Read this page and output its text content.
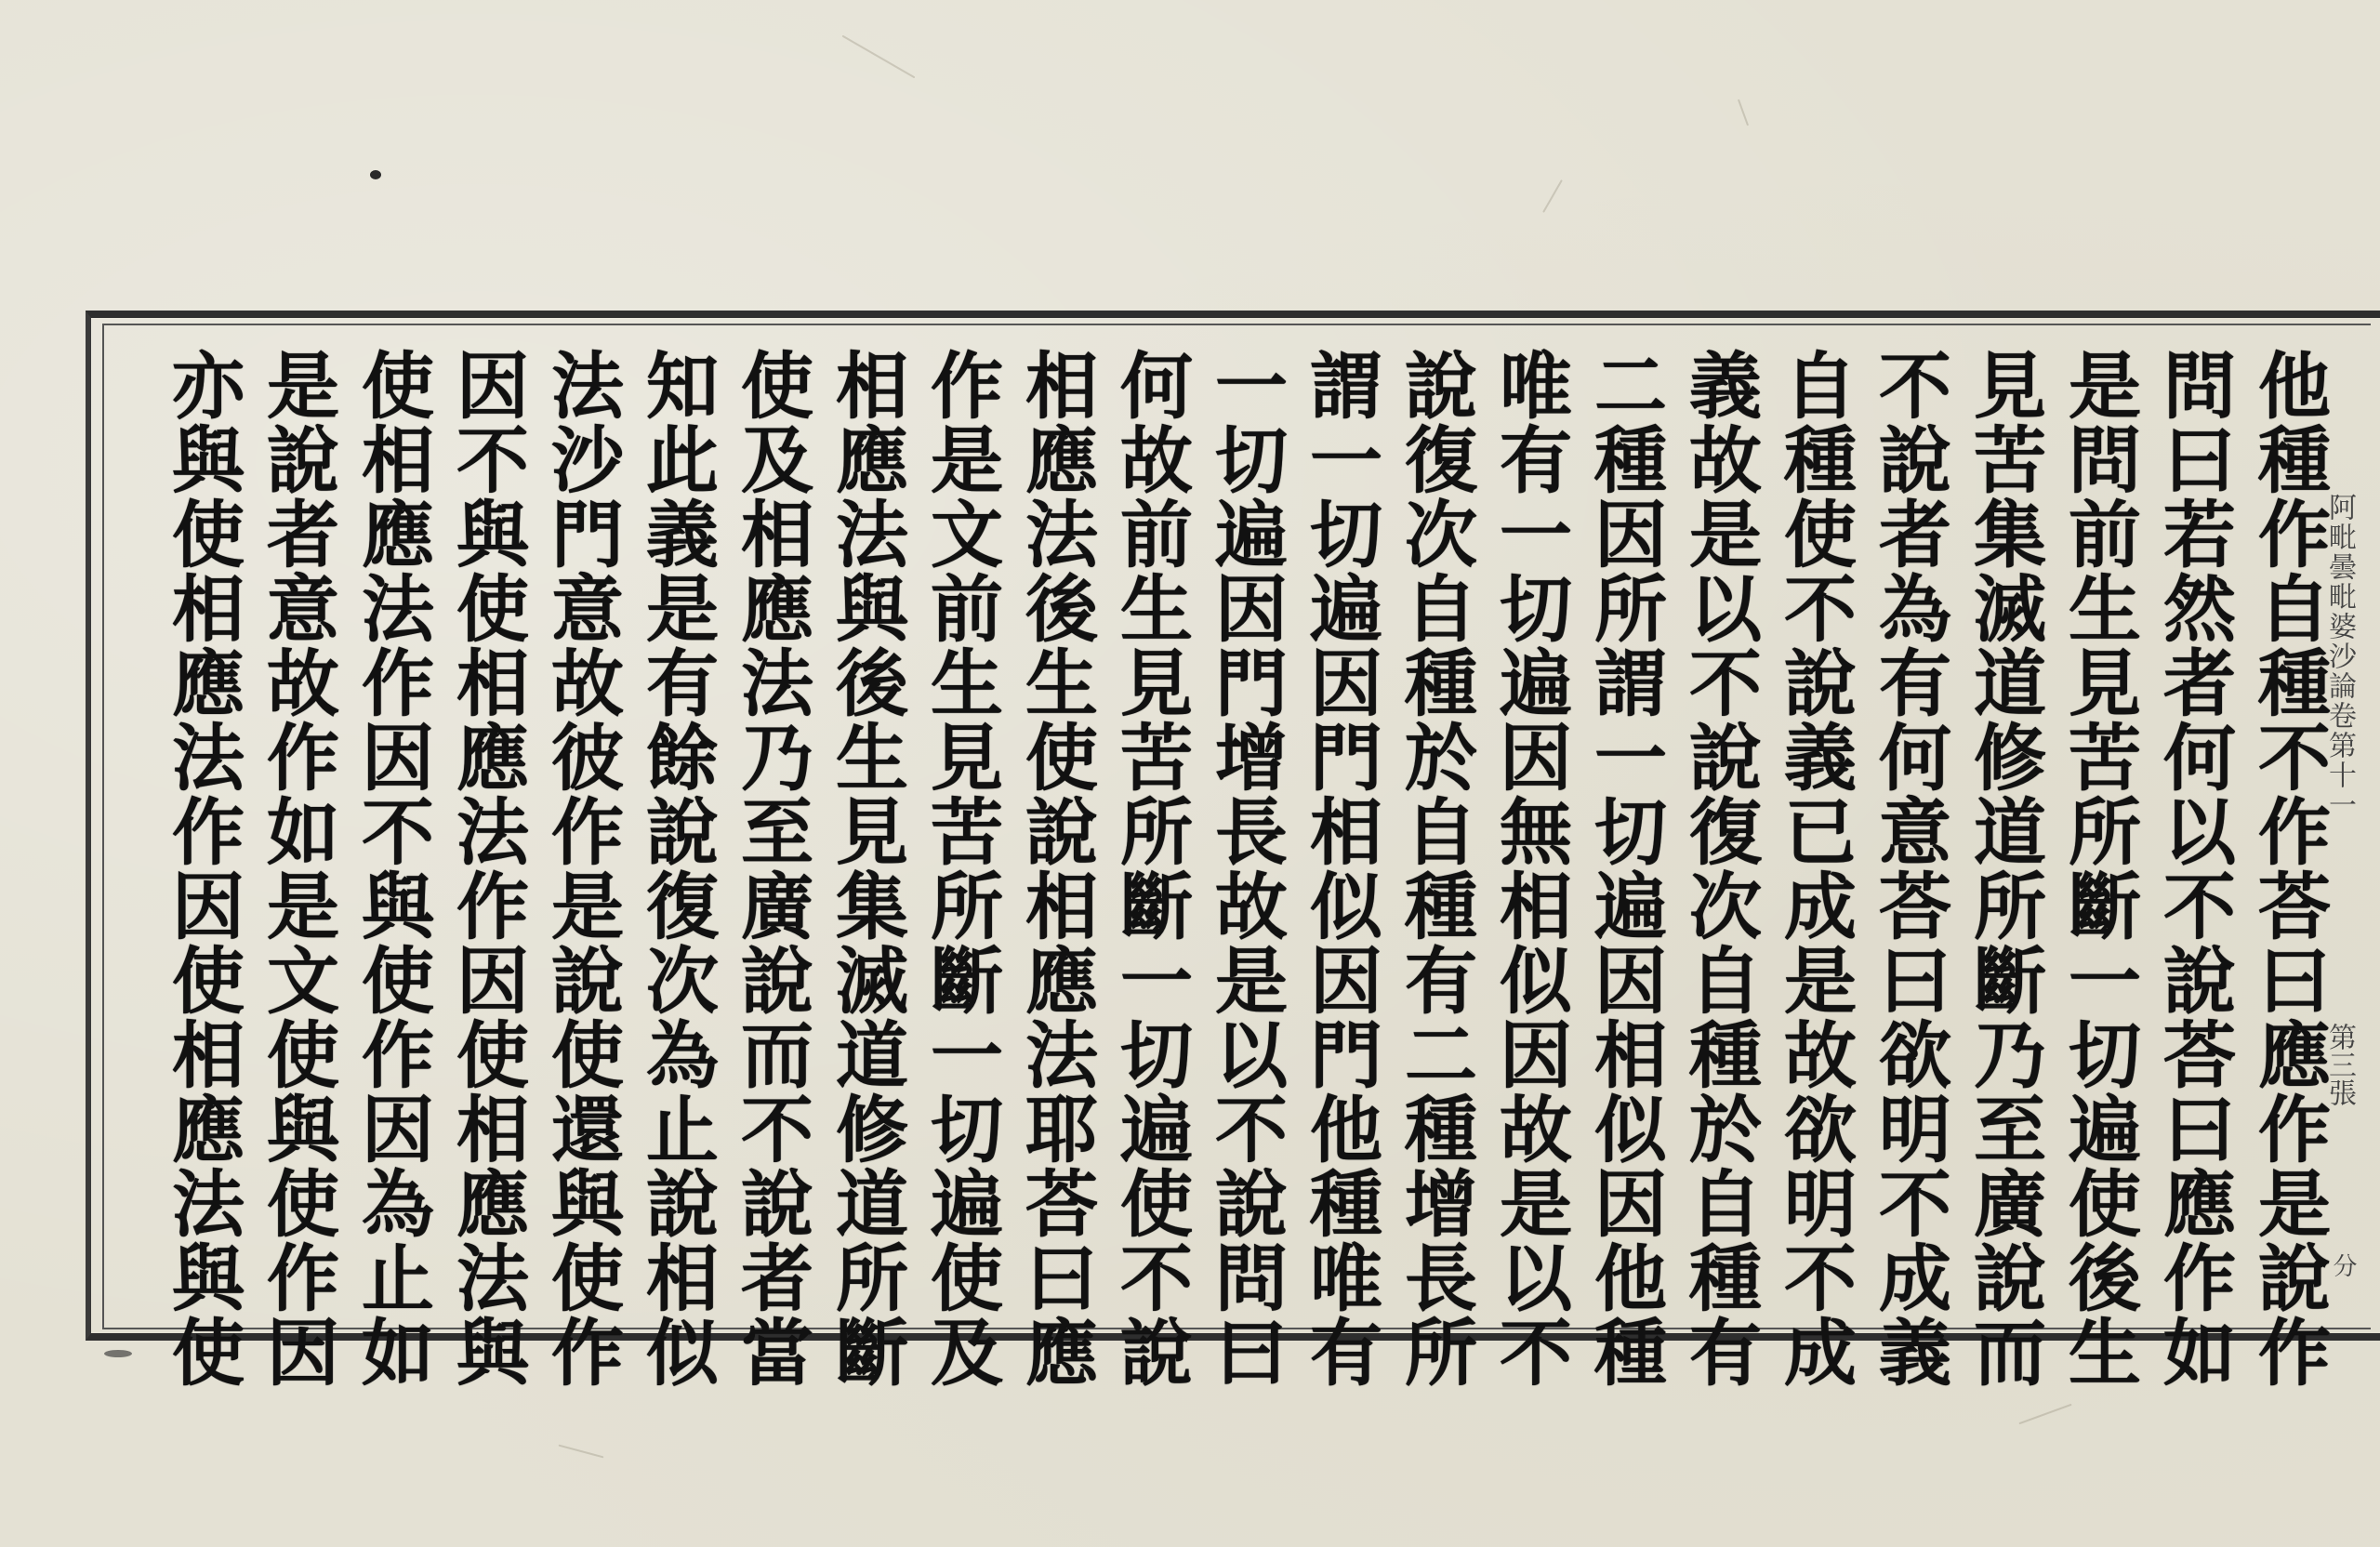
他種作自種不作荅曰應作是說作
問曰若然者何以不說荅曰應作如
是問前生見苦所斷一切遍使後生
見苦集滅道修道所斷乃至廣說而
不說者為有何意荅曰欲明不成義
自種使不說義已成是故欲明不成
義故是以不說復次自種於自種有
二種因所謂一切遍因相似因他種
唯有一切遍因無相似因故是以不
說復次自種於自種有二種增長所
謂一切遍因門相似因門他種唯有
一切遍因門增長故是以不說問曰
何故前生見苦所斷一切遍使不說
相應法後生使說相應法耶荅曰應
作是文前生見苦所斷一切遍使及
相應法與後生見集滅道修道所斷
使及相應法乃至廣說而不說者當
知此義是有餘說復次為止說相似
法沙門意故彼作是說使還與使作
因不與使相應法作因使相應法與
使相應法作因不與使作因為止如
是說者意故作如是文使與使作因
亦與使相應法作因使相應法與使	阿毗曇毗婆沙論卷第十一
第三張
分
